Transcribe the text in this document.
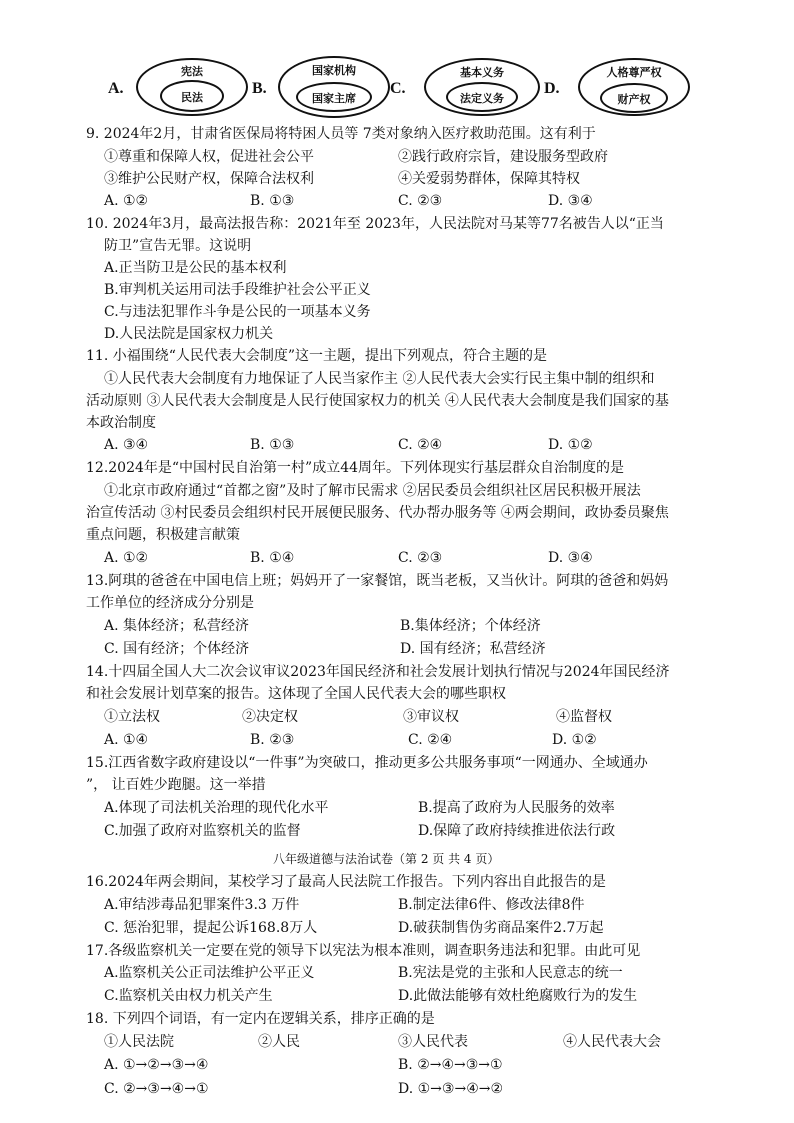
A.
宪法
民法
B.
国家机构
国家主席
C.
基本义务
法定义务
D.
人格尊严权
财产权
9. 2024年2月，甘肃省医保局将特困人员等 7类对象纳入医疗救助范围。这有利于
①尊重和保障人权，促进社会公平	②践行政府宗旨，建设服务型政府
③维护公民财产权，保障合法权利	④关爱弱势群体，保障其特权
A. ①②	B. ①③	C. ②③	D. ③④
10. 2024年3月，最高法报告称：2021年至 2023年，人民法院对马某等77名被告人以“正当
防卫”宣告无罪。这说明
A.正当防卫是公民的基本权利
B.审判机关运用司法手段维护社会公平正义
C.与违法犯罪作斗争是公民的一项基本义务
D.人民法院是国家权力机关
11. 小福围绕“人民代表大会制度”这一主题，提出下列观点，符合主题的是
①人民代表大会制度有力地保证了人民当家作主 ②人民代表大会实行民主集中制的组织和
活动原则 ③人民代表大会制度是人民行使国家权力的机关 ④人民代表大会制度是我们国家的基
本政治制度
A. ③④	B. ①③	C. ②④	D. ①②
12.2024年是“中国村民自治第一村”成立44周年。下列体现实行基层群众自治制度的是
①北京市政府通过“首都之窗”及时了解市民需求 ②居民委员会组织社区居民积极开展法
治宣传活动 ③村民委员会组织村民开展便民服务、代办帮办服务等 ④两会期间，政协委员聚焦
重点问题，积极建言献策
A. ①②	B. ①④	C. ②③	D. ③④
13.阿琪的爸爸在中国电信上班；妈妈开了一家餐馆，既当老板，又当伙计。阿琪的爸爸和妈妈
工作单位的经济成分分别是
A. 集体经济；私营经济	B.集体经济；个体经济
C. 国有经济；个体经济	D. 国有经济；私营经济
14.十四届全国人大二次会议审议2023年国民经济和社会发展计划执行情况与2024年国民经济
和社会发展计划草案的报告。这体现了全国人民代表大会的哪些职权
①立法权	②决定权	③审议权	④监督权
A. ①④	B. ②③	C. ②④	D. ①②
15.江西省数字政府建设以“一件事”为突破口，推动更多公共服务事项“一网通办、全域通办
”， 让百姓少跑腿。这一举措
A.体现了司法机关治理的现代化水平	B.提高了政府为人民服务的效率
C.加强了政府对监察机关的监督	D.保障了政府持续推进依法行政
八年级道德与法治试卷（第 2 页 共 4 页）
16.2024年两会期间，某校学习了最高人民法院工作报告。下列内容出自此报告的是
A.审结涉毒品犯罪案件3.3 万件	B.制定法律6件、修改法律8件
C. 惩治犯罪，提起公诉168.8万人	D.破获制售伪劣商品案件2.7万起
17.各级监察机关一定要在党的领导下以宪法为根本准则，调查职务违法和犯罪。由此可见
A.监察机关公正司法维护公平正义	B.宪法是党的主张和人民意志的统一
C.监察机关由权力机关产生	D.此做法能够有效杜绝腐败行为的发生
18. 下列四个词语，有一定内在逻辑关系，排序正确的是
①人民法院	②人民	③人民代表	④人民代表大会
A. ①→②→③→④	B. ②→④→③→①
C. ②→③→④→①	D. ①→③→④→②
